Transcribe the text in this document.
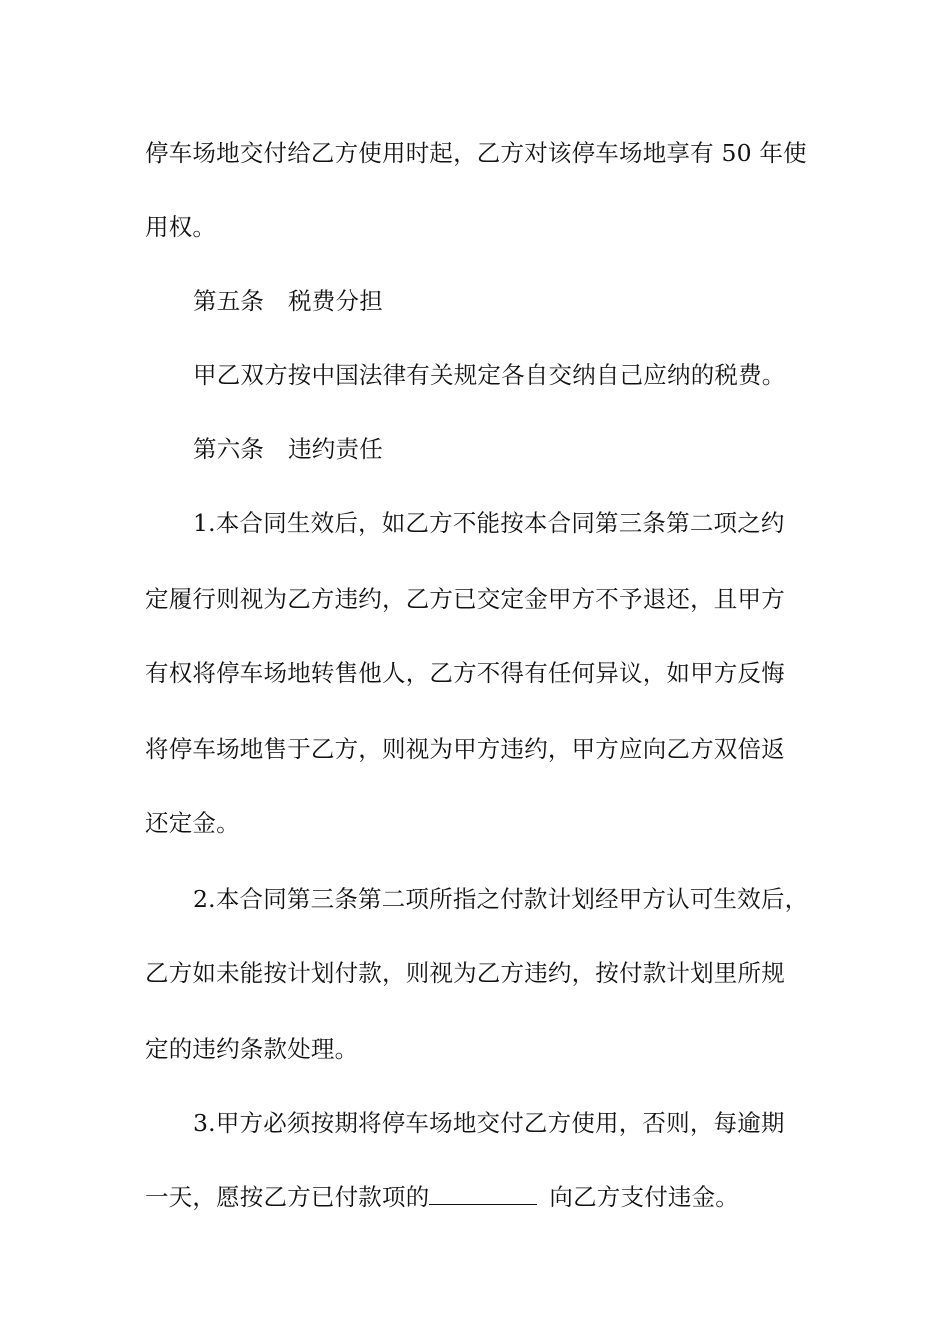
停车场地交付给乙方使用时起，乙方对该停车场地享有 50 年使
用权。
第五条 税费分担
甲乙双方按中国法律有关规定各自交纳自己应纳的税费。
第六条 违约责任
1.本合同生效后，如乙方不能按本合同第三条第二项之约
定履行则视为乙方违约，乙方已交定金甲方不予退还，且甲方
有权将停车场地转售他人，乙方不得有任何异议，如甲方反悔
将停车场地售于乙方，则视为甲方违约，甲方应向乙方双倍返
还定金。
2.本合同第三条第二项所指之付款计划经甲方认可生效后，
乙方如未能按计划付款，则视为乙方违约，按付款计划里所规
定的违约条款处理。
3.甲方必须按期将停车场地交付乙方使用，否则，每逾期
一天，愿按乙方已付款项的	向乙方支付违金。
